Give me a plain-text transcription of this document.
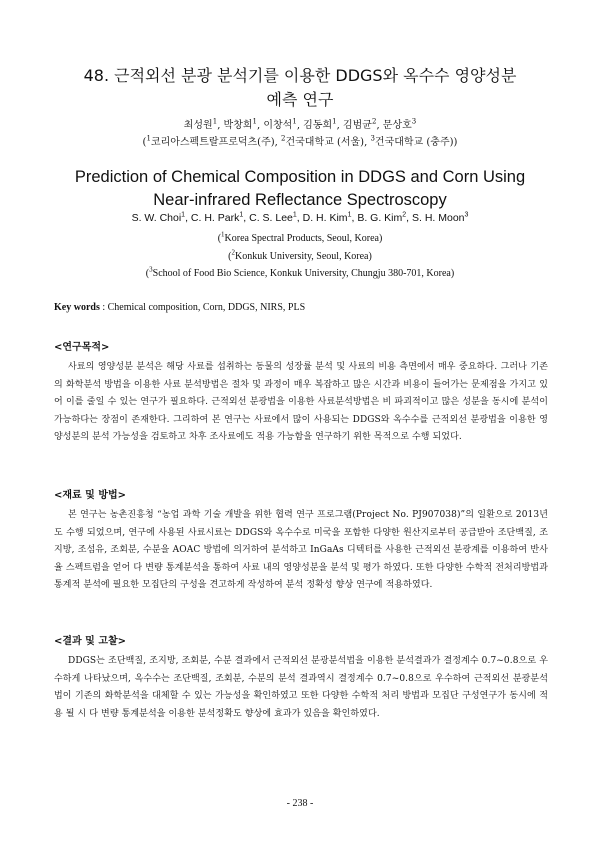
48. 근적외선 분광 분석기를 이용한 DDGS와 옥수수 영양성분
예측 연구
최성원$^1$, 박창희$^1$, 이창석$^1$, 김동희$^1$, 김범균$^2$, 문상호$^3$
($^1$코리아스펙트랄프로덕츠(주), $^2$건국대학교 (서울), $^3$건국대학교 (충주))
Prediction of Chemical Composition in DDGS and Corn Using
Near-infrared Reflectance Spectroscopy
S. W. Choi$^1$, C. H. Park$^1$, C. S. Lee$^1$, D. H. Kim$^1$, B. G. Kim$^2$, S. H. Moon$^3$
($^1$Korea Spectral Products, Seoul, Korea)
($^2$Konkuk University, Seoul, Korea)
($^3$School of Food Bio Science, Konkuk University, Chungju 380-701, Korea)
Key words : Chemical composition, Corn, DDGS, NIRS, PLS
<연구목적>

사료의 영양성분 분석은 해당 사료를 섭취하는 동물의 성장률 분석 및 사료의 비용 측면에서 매우 중요하다. 그러나 기존의 화학분석 방법을 이용한 사료 분석방법은 절차 및 과정이 매우 복잡하고 많은 시간과 비용이 들어가는 문제점을 가지고 있어 이를 줄일 수 있는 연구가 필요하다. 근적외선 분광법을 이용한 사료분석방법은 비 파괴적이고 많은 성분을 동시에 분석이 가능하다는 장점이 존재한다. 그리하여 본 연구는 사료에서 많이 사용되는 DDGS와 옥수수를 근적외선 분광법을 이용한 영양성분의 분석 가능성을 검토하고 차후 조사료에도 적용 가능함을 연구하기 위한 목적으로 수행 되었다.

<재료 및 방법>

본 연구는 농촌진흥청 “농업 과학 기술 개발을 위한 협력 연구 프로그램(Project No. PJ907038)”의 일환으로 2013년도 수행 되었으며, 연구에 사용된 사료시료는 DDGS와 옥수수로 미국을 포함한 다양한 원산지로부터 공급받아 조단백질, 조지방, 조섬유, 조회분, 수분을 AOAC 방법에 의거하여 분석하고 InGaAs 디텍터를 사용한 근적외선 분광계를 이용하여 반사율 스펙트럼을 얻어 다 변량 통계분석을 통하여 사료 내의 영양성분을 분석 및 평가 하였다. 또한 다양한 수학적 전처리방법과 통계적 분석에 필요한 모집단의 구성을 견고하게 작성하여 분석 정확성 향상 연구에 적용하였다.

<결과 및 고찰>

DDGS는 조단백질, 조지방, 조회분, 수분 결과에서 근적외선 분광분석법을 이용한 분석결과가 결정계수 0.7~0.8으로 우수하게 나타났으며, 옥수수는 조단백질, 조회분, 수분의 분석 결과역시 결정계수 0.7~0.8으로 우수하여 근적외선 분광분석법이 기존의 화학분석을 대체할 수 있는 가능성을 확인하였고 또한 다양한 수학적 처리 방법과 모집단 구성연구가 동시에 적용 될 시 다 변량 통계분석을 이용한 분석정확도 향상에 효과가 있음을 확인하였다.

- 238 -
